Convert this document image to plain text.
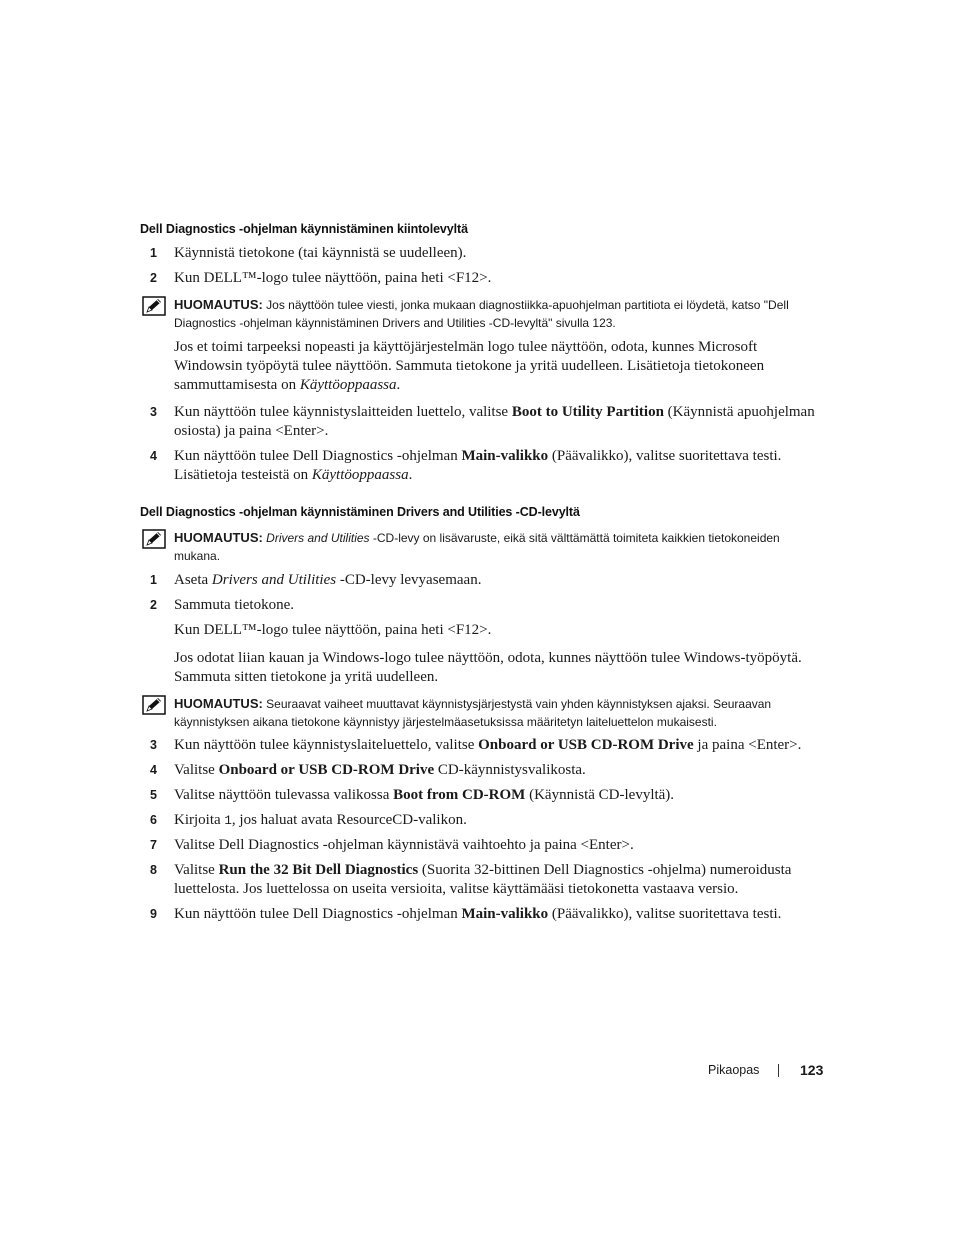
Dell Diagnostics -ohjelman käynnistäminen kiintolevyltä
1 Käynnistä tietokone (tai käynnistä se uudelleen).
2 Kun DELL™-logo tulee näyttöön, paina heti <F12>.
HUOMAUTUS: Jos näyttöön tulee viesti, jonka mukaan diagnostiikka-apuohjelman partitiota ei löydetä, katso "Dell Diagnostics -ohjelman käynnistäminen Drivers and Utilities -CD-levyltä" sivulla 123.
Jos et toimi tarpeeksi nopeasti ja käyttöjärjestelmän logo tulee näyttöön, odota, kunnes Microsoft Windowsin työpöytä tulee näyttöön. Sammuta tietokone ja yritä uudelleen. Lisätietoja tietokoneen sammuttamisesta on Käyttöoppaassa.
3 Kun näyttöön tulee käynnistyslaitteiden luettelo, valitse Boot to Utility Partition (Käynnistä apuohjelman osiosta) ja paina <Enter>.
4 Kun näyttöön tulee Dell Diagnostics -ohjelman Main-valikko (Päävalikko), valitse suoritettava testi. Lisätietoja testeistä on Käyttöoppaassa.
Dell Diagnostics -ohjelman käynnistäminen Drivers and Utilities -CD-levyltä
HUOMAUTUS: Drivers and Utilities -CD-levy on lisävaruste, eikä sitä välttämättä toimiteta kaikkien tietokoneiden mukana.
1 Aseta Drivers and Utilities -CD-levy levyasemaan.
2 Sammuta tietokone.
Kun DELL™-logo tulee näyttöön, paina heti <F12>.
Jos odotat liian kauan ja Windows-logo tulee näyttöön, odota, kunnes näyttöön tulee Windows-työpöytä. Sammuta sitten tietokone ja yritä uudelleen.
HUOMAUTUS: Seuraavat vaiheet muuttavat käynnistysjärjestystä vain yhden käynnistyksen ajaksi. Seuraavan käynnistyksen aikana tietokone käynnistyy järjestelmäasetuksissa määritetyn laiteluettelon mukaisesti.
3 Kun näyttöön tulee käynnistyslaiteluettelo, valitse Onboard or USB CD-ROM Drive ja paina <Enter>.
4 Valitse Onboard or USB CD-ROM Drive CD-käynnistysvalikosta.
5 Valitse näyttöön tulevassa valikossa Boot from CD-ROM (Käynnistä CD-levyltä).
6 Kirjoita 1, jos haluat avata ResourceCD-valikon.
7 Valitse Dell Diagnostics -ohjelman käynnistävä vaihtoehto ja paina <Enter>.
8 Valitse Run the 32 Bit Dell Diagnostics (Suorita 32-bittinen Dell Diagnostics -ohjelma) numeroidusta luettelosta. Jos luettelossa on useita versioita, valitse käyttämääsi tietokonetta vastaava versio.
9 Kun näyttöön tulee Dell Diagnostics -ohjelman Main-valikko (Päävalikko), valitse suoritettava testi.
Pikaopas	123
